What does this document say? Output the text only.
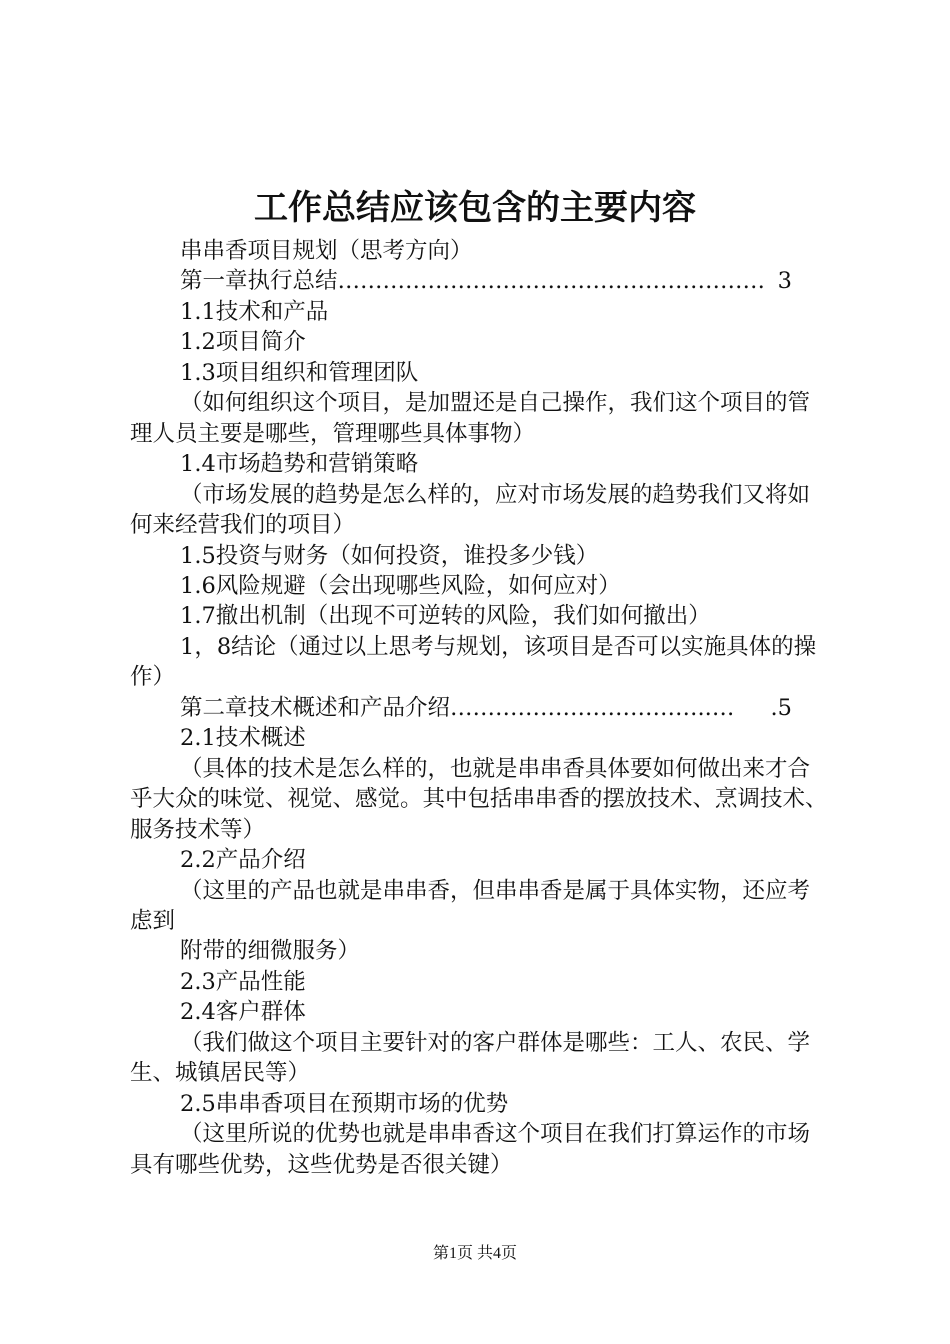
工作总结应该包含的主要内容

串串香项目规划（思考方向）

第一章执行总结 ………………………………………………… 3

1.1技术和产品

1.2项目简介

1.3项目组织和管理团队

（如何组织这个项目，是加盟还是自己操作，我们这个项目的管理人员主要是哪些，管理哪些具体事物）

1.4市场趋势和营销策略

（市场发展的趋势是怎么样的，应对市场发展的趋势我们又将如何来经营我们的项目）

1.5投资与财务（如何投资，谁投多少钱）

1.6风险规避（会出现哪些风险，如何应对）

1.7撤出机制（出现不可逆转的风险，我们如何撤出）

1，8结论（通过以上思考与规划，该项目是否可以实施具体的操作）

第二章技术概述和产品介绍 ……………………………..…	.5

2.1技术概述

（具体的技术是怎么样的，也就是串串香具体要如何做出来才合乎大众的味觉、视觉、感觉。其中包括串串香的摆放技术、烹调技术、服务技术等）

2.2产品介绍

（这里的产品也就是串串香，但串串香是属于具体实物，还应考虑到

附带的细微服务）

2.3产品性能

2.4客户群体

（我们做这个项目主要针对的客户群体是哪些：工人、农民、学生、城镇居民等）

2.5串串香项目在预期市场的优势

（这里所说的优势也就是串串香这个项目在我们打算运作的市场具有哪些优势，这些优势是否很关键）

第1页 共4页
